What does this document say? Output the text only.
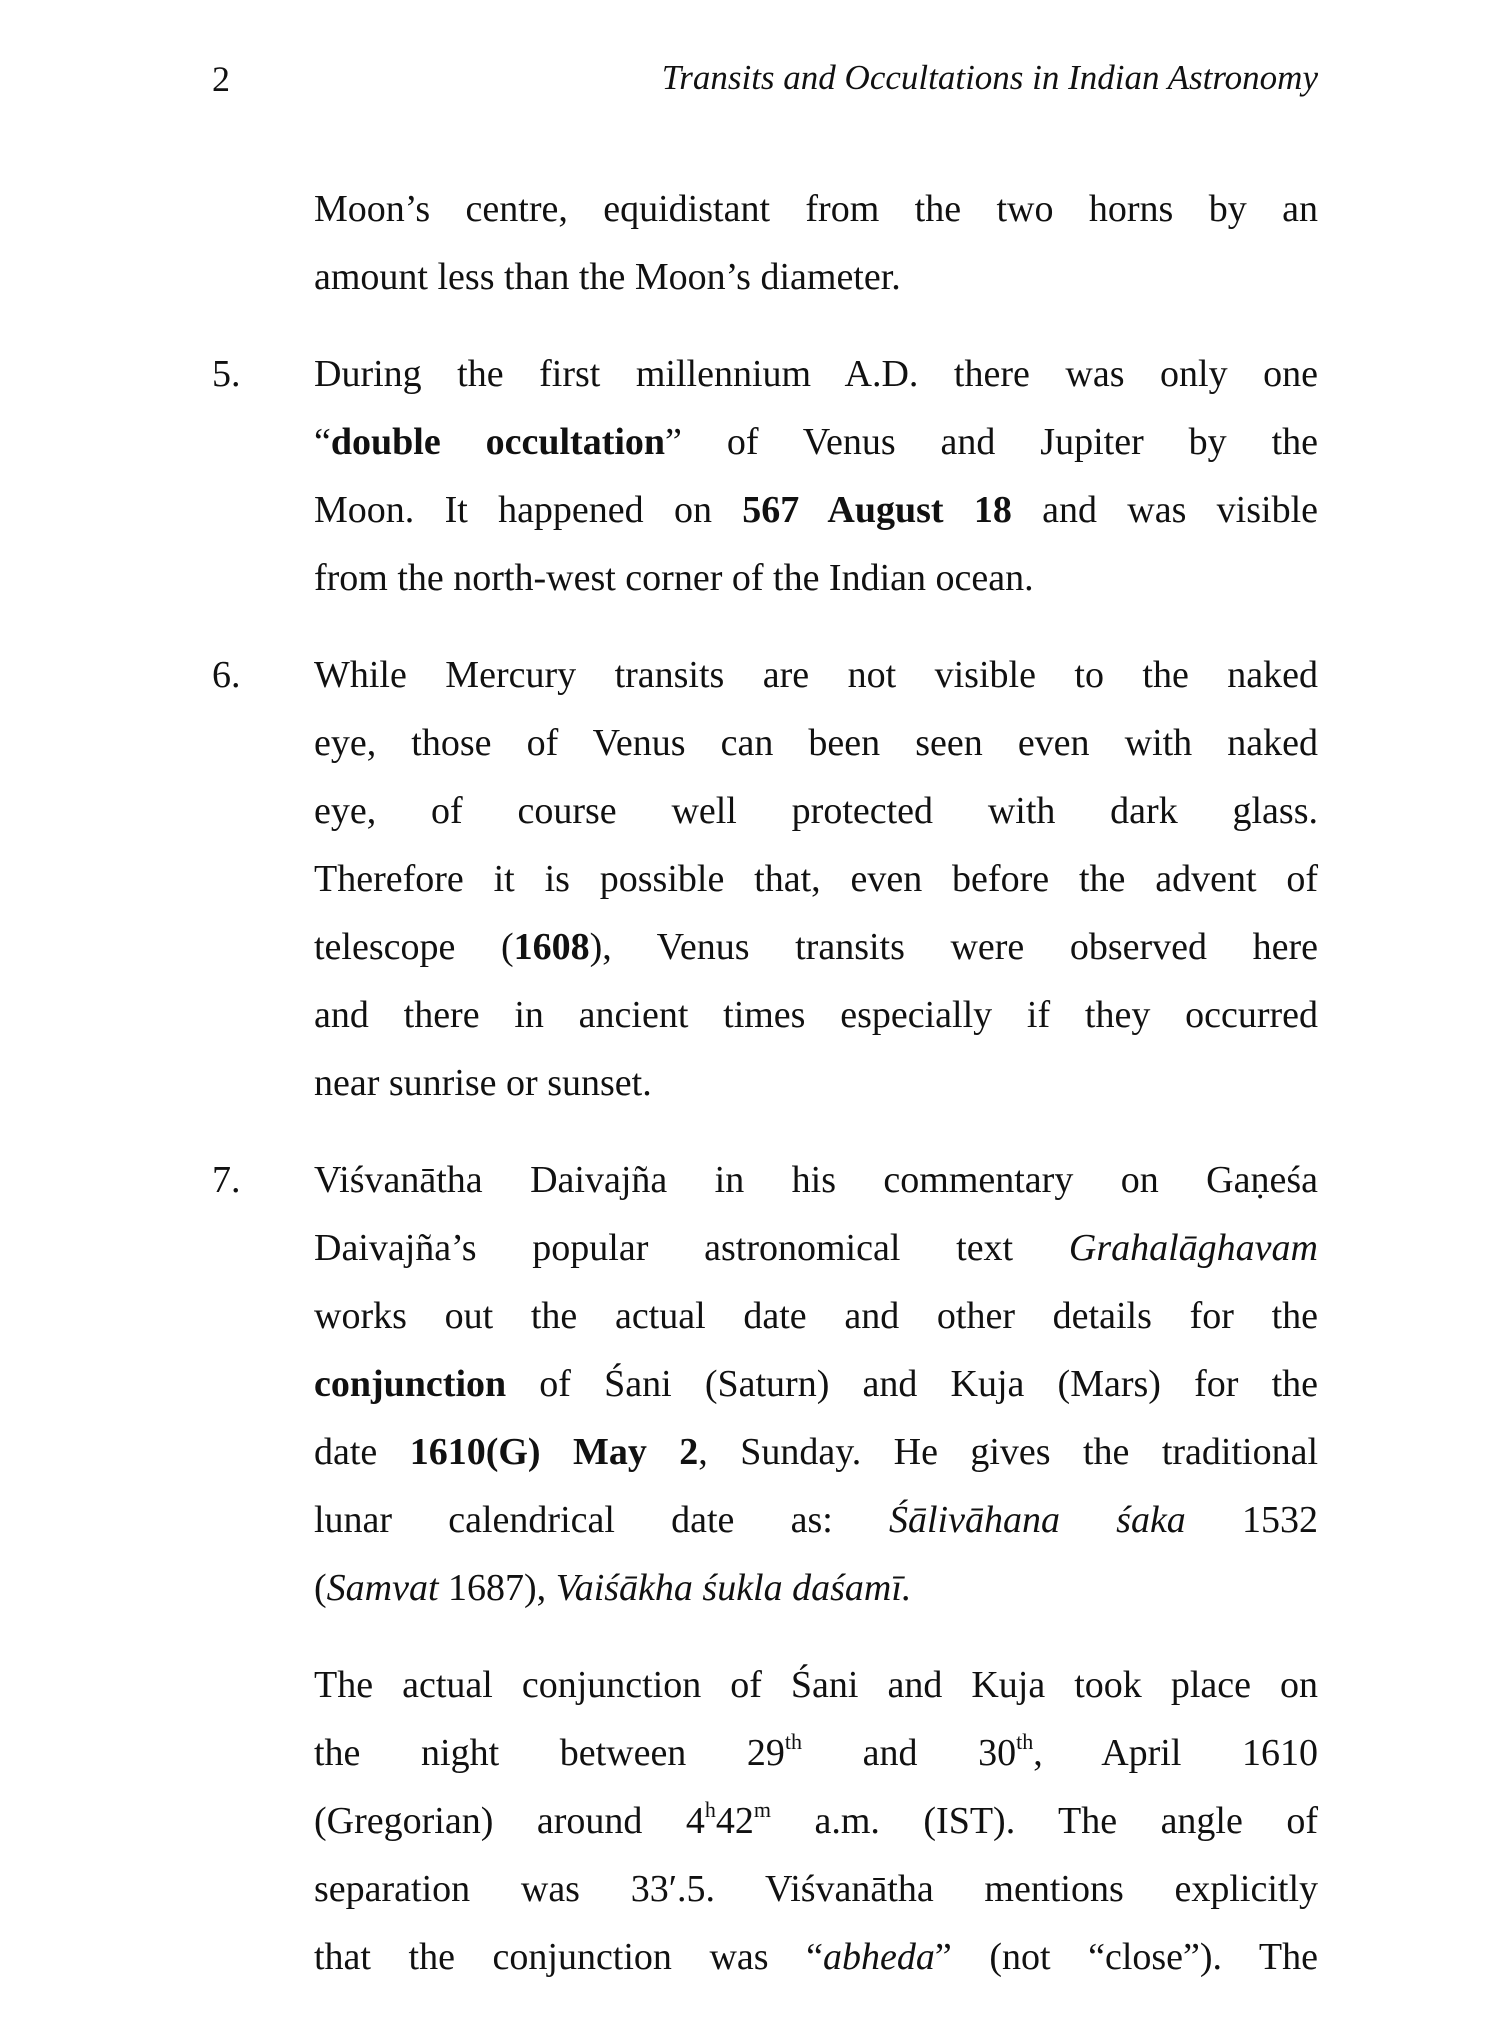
2	Transits and Occultations in Indian Astronomy
Moon’s centre, equidistant from the two horns by an
amount less than the Moon’s diameter.
5. During the first millennium A.D. there was only one
“double occultation” of Venus and Jupiter by the
Moon. It happened on 567 August 18 and was visible
from the north-west corner of the Indian ocean.
6. While Mercury transits are not visible to the naked
eye, those of Venus can been seen even with naked
eye, of course well protected with dark glass.
Therefore it is possible that, even before the advent of
telescope (1608), Venus transits were observed here
and there in ancient times especially if they occurred
near sunrise or sunset.
7. Viśvanātha Daivajña in his commentary on Gaṇeśa
Daivajña’s popular astronomical text Grahalāghavam
works out the actual date and other details for the
conjunction of Śani (Saturn) and Kuja (Mars) for the
date 1610(G) May 2, Sunday. He gives the traditional
lunar calendrical date as: Śālivāhana śaka 1532
(Samvat 1687), Vaiśākha śukla daśamī.
The actual conjunction of Śani and Kuja took place on
the night between 29th and 30th, April 1610
(Gregorian) around 4$^h$42$^m$ a.m. (IST). The angle of
separation was 33′.5. Viśvanātha mentions explicitly
that the conjunction was “abheda” (not “close”). The
